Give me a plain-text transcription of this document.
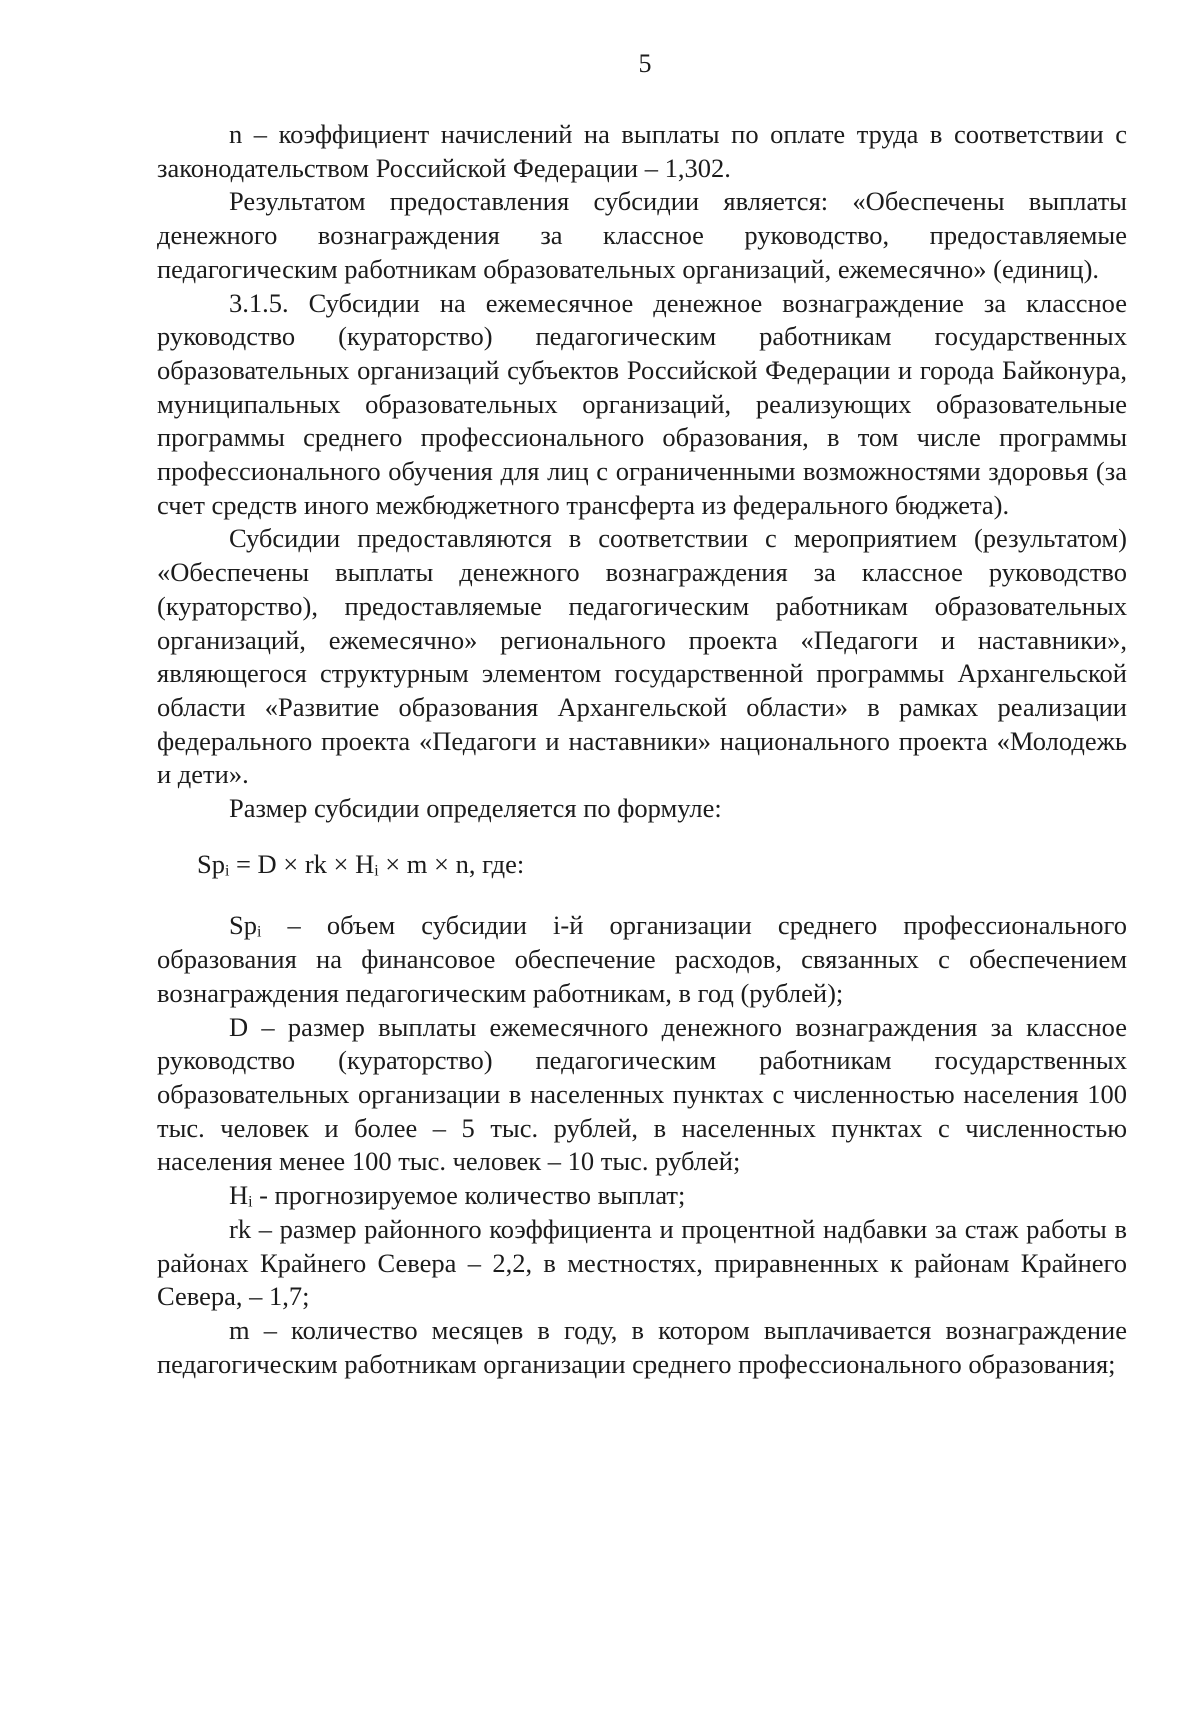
5

n – коэффициент начислений на выплаты по оплате труда в соответствии с законодательством Российской Федерации – 1,302.

Результатом предоставления субсидии является: «Обеспечены выплаты денежного вознаграждения за классное руководство, предоставляемые педагогическим работникам образовательных организаций, ежемесячно» (единиц).

3.1.5. Субсидии на ежемесячное денежное вознаграждение за классное руководство (кураторство) педагогическим работникам государственных образовательных организаций субъектов Российской Федерации и города Байконура, муниципальных образовательных организаций, реализующих образовательные программы среднего профессионального образования, в том числе программы профессионального обучения для лиц с ограниченными возможностями здоровья (за счет средств иного межбюджетного трансферта из федерального бюджета).

Субсидии предоставляются в соответствии с мероприятием (результатом) «Обеспечены выплаты денежного вознаграждения за классное руководство (кураторство), предоставляемые педагогическим работникам образовательных организаций, ежемесячно» регионального проекта «Педагоги и наставники», являющегося структурным элементом государственной программы Архангельской области «Развитие образования Архангельской области» в рамках реализации федерального проекта «Педагоги и наставники» национального проекта «Молодежь и дети».

Размер субсидии определяется по формуле:

Spᵢ = D × rk × Hᵢ × m × n, где:

Spᵢ – объем субсидии i-й организации среднего профессионального образования на финансовое обеспечение расходов, связанных с обеспечением вознаграждения педагогическим работникам, в год (рублей);

D – размер выплаты ежемесячного денежного вознаграждения за классное руководство (кураторство) педагогическим работникам государственных образовательных организации в населенных пунктах с численностью населения 100 тыс. человек и более – 5 тыс. рублей, в населенных пунктах с численностью населения менее 100 тыс. человек – 10 тыс. рублей;

Hᵢ - прогнозируемое количество выплат;

rk – размер районного коэффициента и процентной надбавки за стаж работы в районах Крайнего Севера – 2,2, в местностях, приравненных к районам Крайнего Севера, – 1,7;

m – количество месяцев в году, в котором выплачивается вознаграждение педагогическим работникам организации среднего профессионального образования;
